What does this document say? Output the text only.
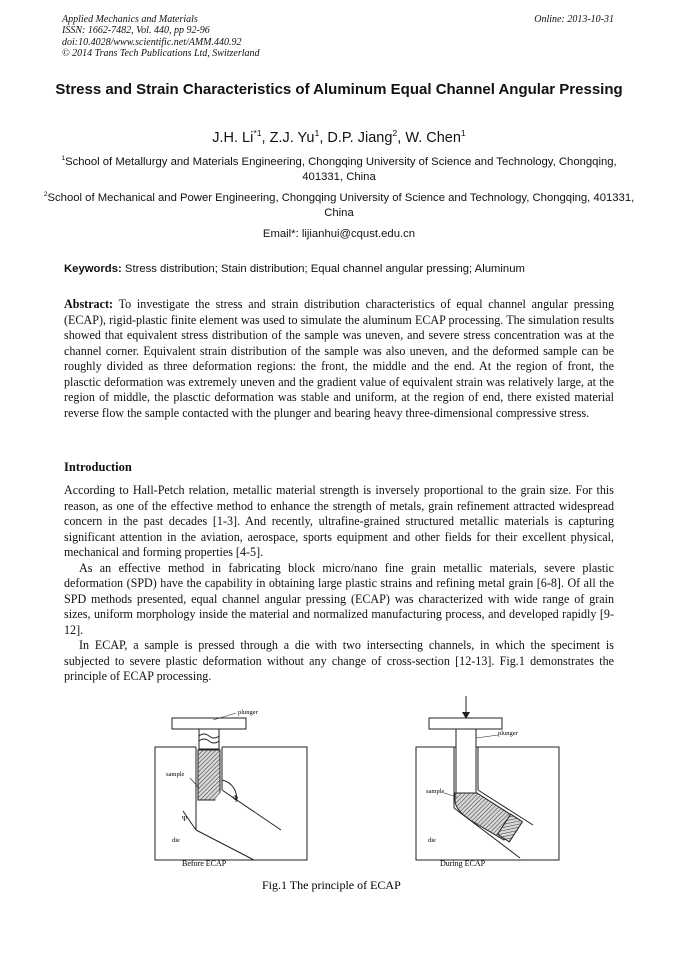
Applied Mechanics and Materials
ISSN: 1662-7482, Vol. 440, pp 92-96
doi:10.4028/www.scientific.net/AMM.440.92
© 2014 Trans Tech Publications Ltd, Switzerland
Online: 2013-10-31
Stress and Strain Characteristics of Aluminum Equal Channel Angular Pressing
J.H. Li$^{*1}$, Z.J. Yu$^1$, D.P. Jiang$^2$, W. Chen$^1$
$^1$School of Metallurgy and Materials Engineering, Chongqing University of Science and Technology, Chongqing, 401331, China
$^2$School of Mechanical and Power Engineering, Chongqing University of Science and Technology, Chongqing, 401331, China
Email*: lijianhui@cqust.edu.cn
Keywords: Stress distribution; Stain distribution; Equal channel angular pressing; Aluminum
Abstract: To investigate the stress and strain distribution characteristics of equal channel angular pressing (ECAP), rigid-plastic finite element was used to simulate the aluminum ECAP processing. The simulation results showed that equivalent stress distribution of the sample was uneven, and severe stress concentration was at the channel corner. Equivalent strain distribution of the sample was also uneven, and the deformed sample can be roughly divided as three deformation regions: the front, the middle and the end. At the region of front, the plasctic deformation was extremely uneven and the gradient value of equivalent strain was relatively large, at the region of middle, the plasctic deformation was stable and uniform, at the region of end, there existed material reverse flow the sample contacted with the plunger and bearing heavy three-dimensional compressive stress.
Introduction
According to Hall-Petch relation, metallic material strength is inversely proportional to the grain size. For this reason, as one of the effective method to enhance the strength of metals, grain refinement attracted widespread concern in the past decades [1-3]. And recently, ultrafine-grained structured metallic materials is capturing significant attention in the aviation, aerospace, sports equipment and other fields for their excellent physical, mechanical and forming properties [4-5].
As an effective method in fabricating block micro/nano fine grain metallic materials, severe plastic deformation (SPD) have the capability in obtaining large plastic strains and refining metal grain [6-8]. Of all the SPD methods presented, equal channel angular pressing (ECAP) was characterized with wide range of grain sizes, uniform morphology inside the material and normalized manufacturing process, and developed rapidly [9-12].
In ECAP, a sample is pressed through a die with two intersecting channels, in which the speciment is subjected to severe plastic deformation without any change of cross-section [12-13]. Fig.1 demonstrates the principle of ECAP processing.
plunger
sample
Φ
Ψ
die
Before ECAP
plunger
sample
die
During ECAP
Fig.1 The principle of ECAP
